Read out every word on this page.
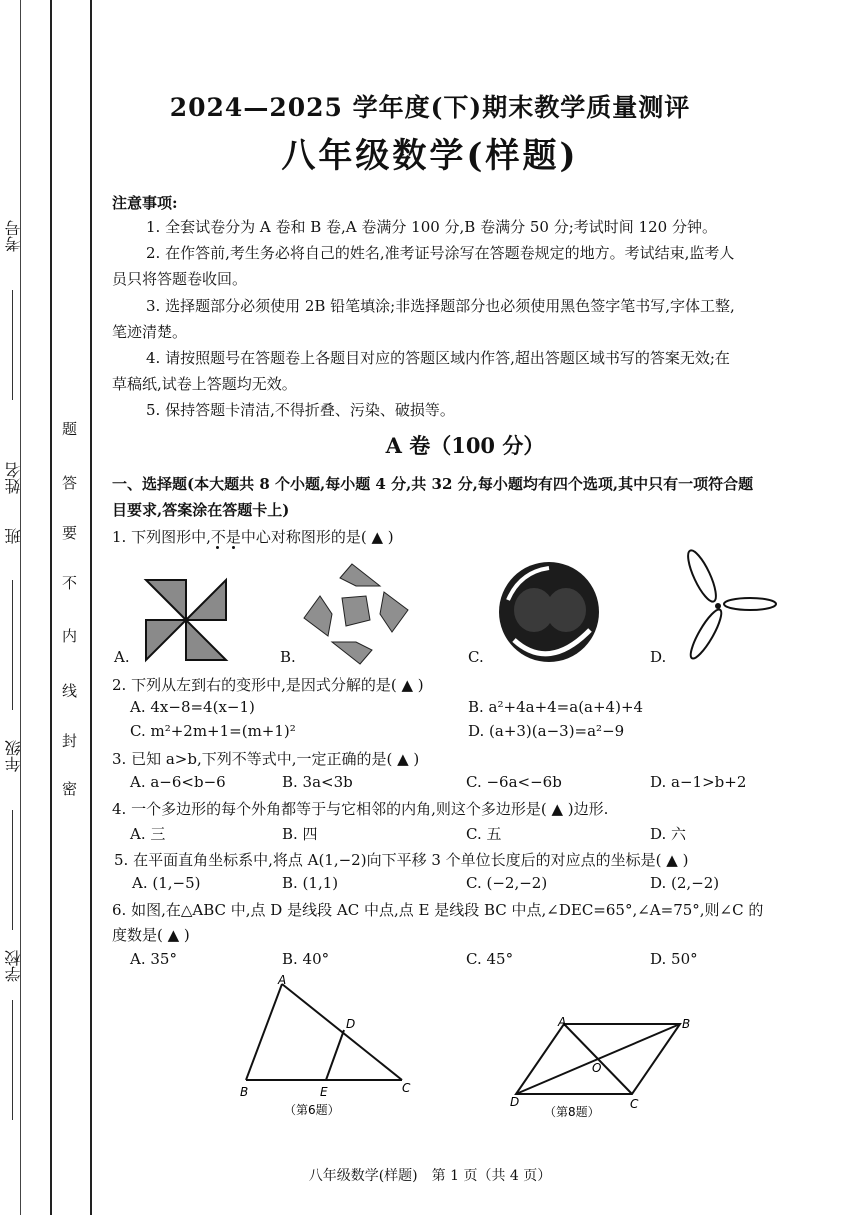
考号
姓名
班
年级
学校
密
封
线
内
不
要
答
题
2024—2025 学年度(下)期末教学质量测评
八年级数学(样题)
注意事项:
1. 全套试卷分为 A 卷和 B 卷,A 卷满分 100 分,B 卷满分 50 分;考试时间 120 分钟。
2. 在作答前,考生务必将自己的姓名,准考证号涂写在答题卷规定的地方。考试结束,监考人
员只将答题卷收回。
3. 选择题部分必须使用 2B 铅笔填涂;非选择题部分也必须使用黑色签字笔书写,字体工整,
笔迹清楚。
4. 请按照题号在答题卷上各题目对应的答题区域内作答,超出答题区域书写的答案无效;在
草稿纸,试卷上答题均无效。
5. 保持答题卡清洁,不得折叠、污染、破损等。
A 卷（100 分）
一、选择题(本大题共 8 个小题,每小题 4 分,共 32 分,每小题均有四个选项,其中只有一项符合题
目要求,答案涂在答题卡上)
1. 下列图形中,不是中心对称图形的是( ▲ )
A.	B.	C.	D.
2. 下列从左到右的变形中,是因式分解的是( ▲ )
A. 4x−8=4(x−1)	B. a²+4a+4=a(a+4)+4
C. m²+2m+1=(m+1)²	D. (a+3)(a−3)=a²−9
3. 已知 a>b,下列不等式中,一定正确的是( ▲ )
A. a−6<b−6	B. 3a<3b	C. −6a<−6b	D. a−1>b+2
4. 一个多边形的每个外角都等于与它相邻的内角,则这个多边形是( ▲ )边形.
A. 三	B. 四	C. 五	D. 六
5. 在平面直角坐标系中,将点 A(1,−2)向下平移 3 个单位长度后的对应点的坐标是( ▲ )
A. (1,−5)	B. (1,1)	C. (−2,−2)	D. (2,−2)
6. 如图,在△ABC 中,点 D 是线段 AC 中点,点 E 是线段 BC 中点,∠DEC=65°,∠A=75°,则∠C 的
度数是( ▲ )
A. 35°	B. 40°	C. 45°	D. 50°
A
B	C
D
E
（第6题）
A	B
C
D
O
（第8题）
八年级数学(样题)　第 1 页（共 4 页）
